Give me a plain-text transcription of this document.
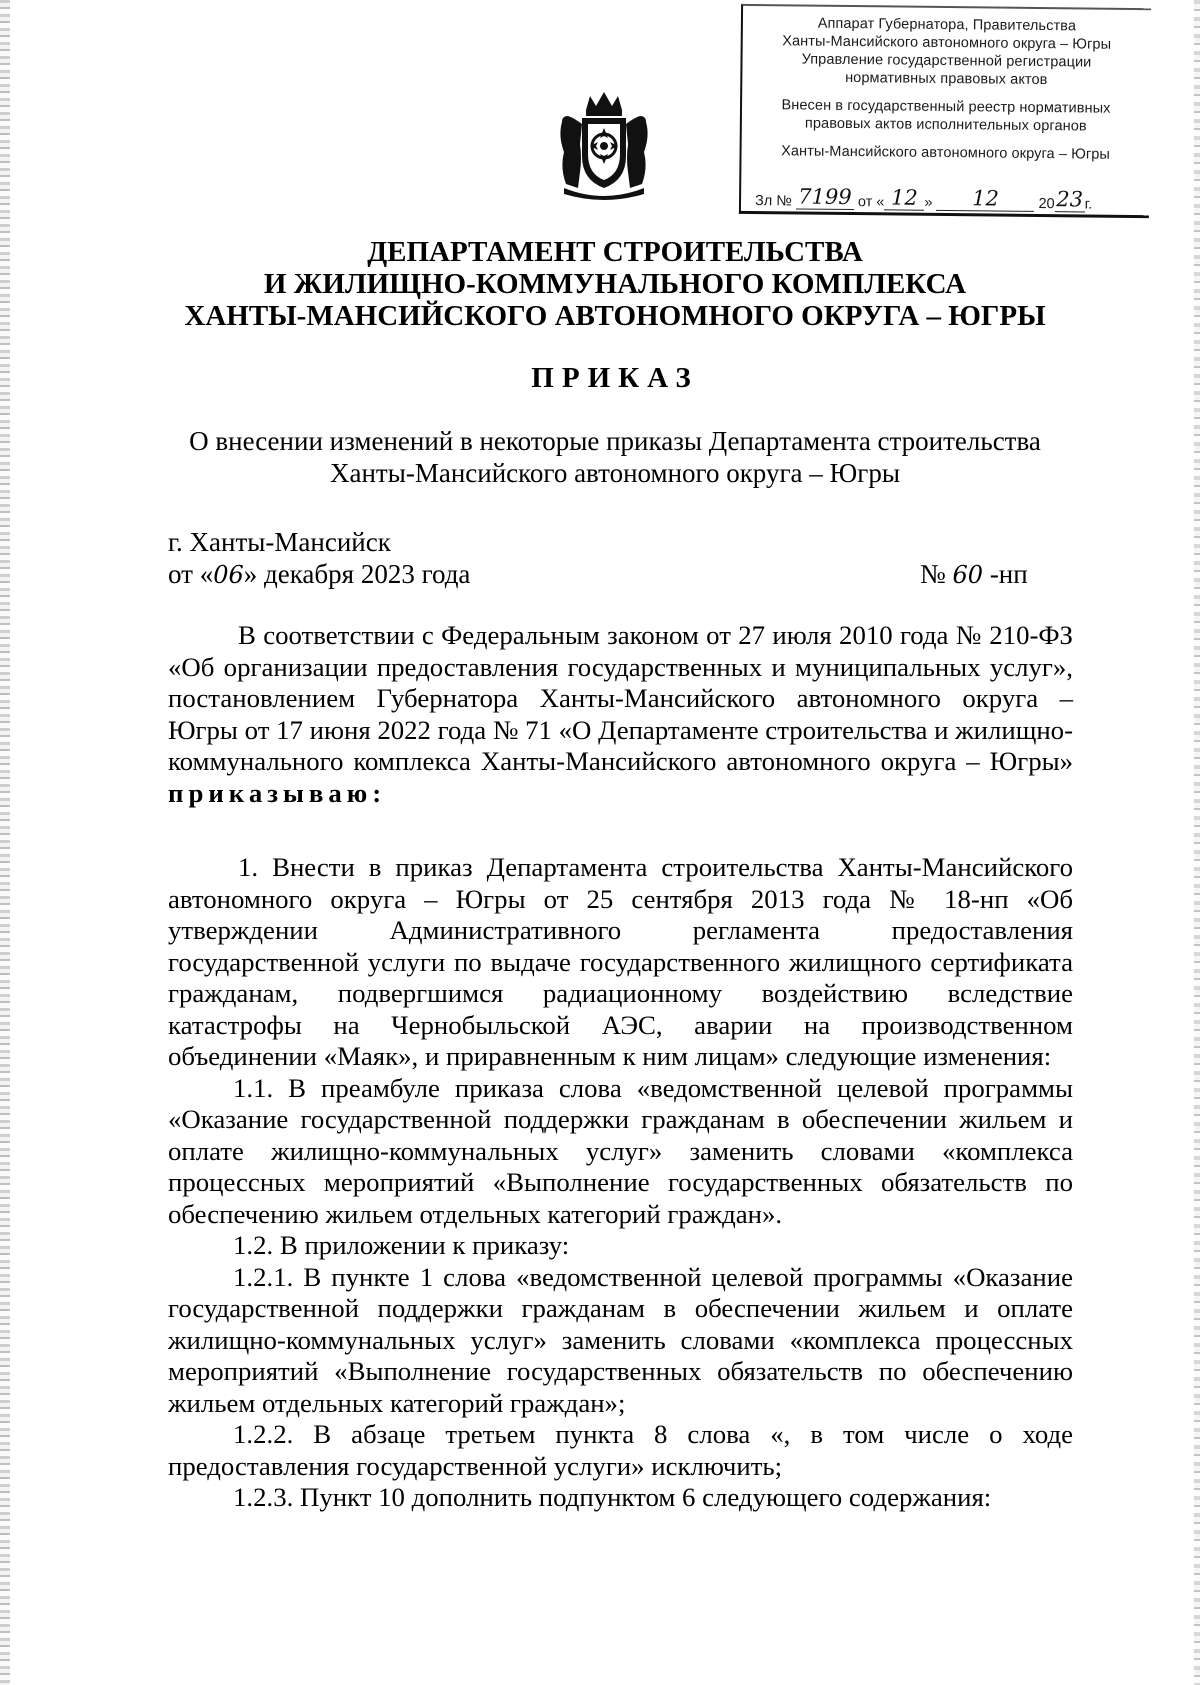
Аппарат Губернатора, Правительства
Ханты-Мансийского автономного округа – Югры
Управление государственной регистрации
нормативных правовых актов
Внесен в государственный реестр нормативных
правовых актов исполнительных органов
Ханты-Мансийского автономного округа – Югры
Зл №
7199
от « 12 »
	12
	20 23 г.
ДЕПАРТАМЕНТ СТРОИТЕЛЬСТВА
И ЖИЛИЩНО-КОММУНАЛЬНОГО КОМПЛЕКСА
ХАНТЫ-МАНСИЙСКОГО АВТОНОМНОГО ОКРУГА – ЮГРЫ
ПРИКАЗ
О внесении изменений в некоторые приказы Департамента строительства
Ханты-Мансийского автономного округа – Югры
г. Ханты-Мансийск
от «06» декабря 2023 года	№ 60 -нп

В соответствии с Федеральным законом от 27 июля 2010 года № 210-ФЗ «Об организации предоставления государственных и муниципальных услуг», постановлением Губернатора Ханты-Мансийского автономного округа – Югры от 17 июня 2022 года № 71 «О Департаменте строительства и жилищно-коммунального комплекса Ханты-Мансийского автономного округа – Югры» приказываю:

1. Внести в приказ Департамента строительства Ханты-Мансийского автономного округа – Югры от 25 сентября 2013 года № 18-нп «Об утверждении Административного регламента предоставления государственной услуги по выдаче государственного жилищного сертификата гражданам, подвергшимся радиационному воздействию вследствие катастрофы на Чернобыльской АЭС, аварии на производственном объединении «Маяк», и приравненным к ним лицам» следующие изменения:

1.1. В преамбуле приказа слова «ведомственной целевой программы «Оказание государственной поддержки гражданам в обеспечении жильем и оплате жилищно-коммунальных услуг» заменить словами «комплекса процессных мероприятий «Выполнение государственных обязательств по обеспечению жильем отдельных категорий граждан».

1.2. В приложении к приказу:

1.2.1. В пункте 1 слова «ведомственной целевой программы «Оказание государственной поддержки гражданам в обеспечении жильем и оплате жилищно-коммунальных услуг» заменить словами «комплекса процессных мероприятий «Выполнение государственных обязательств по обеспечению жильем отдельных категорий граждан»;

1.2.2. В абзаце третьем пункта 8 слова «, в том числе о ходе предоставления государственной услуги» исключить;

1.2.3. Пункт 10 дополнить подпунктом 6 следующего содержания:
